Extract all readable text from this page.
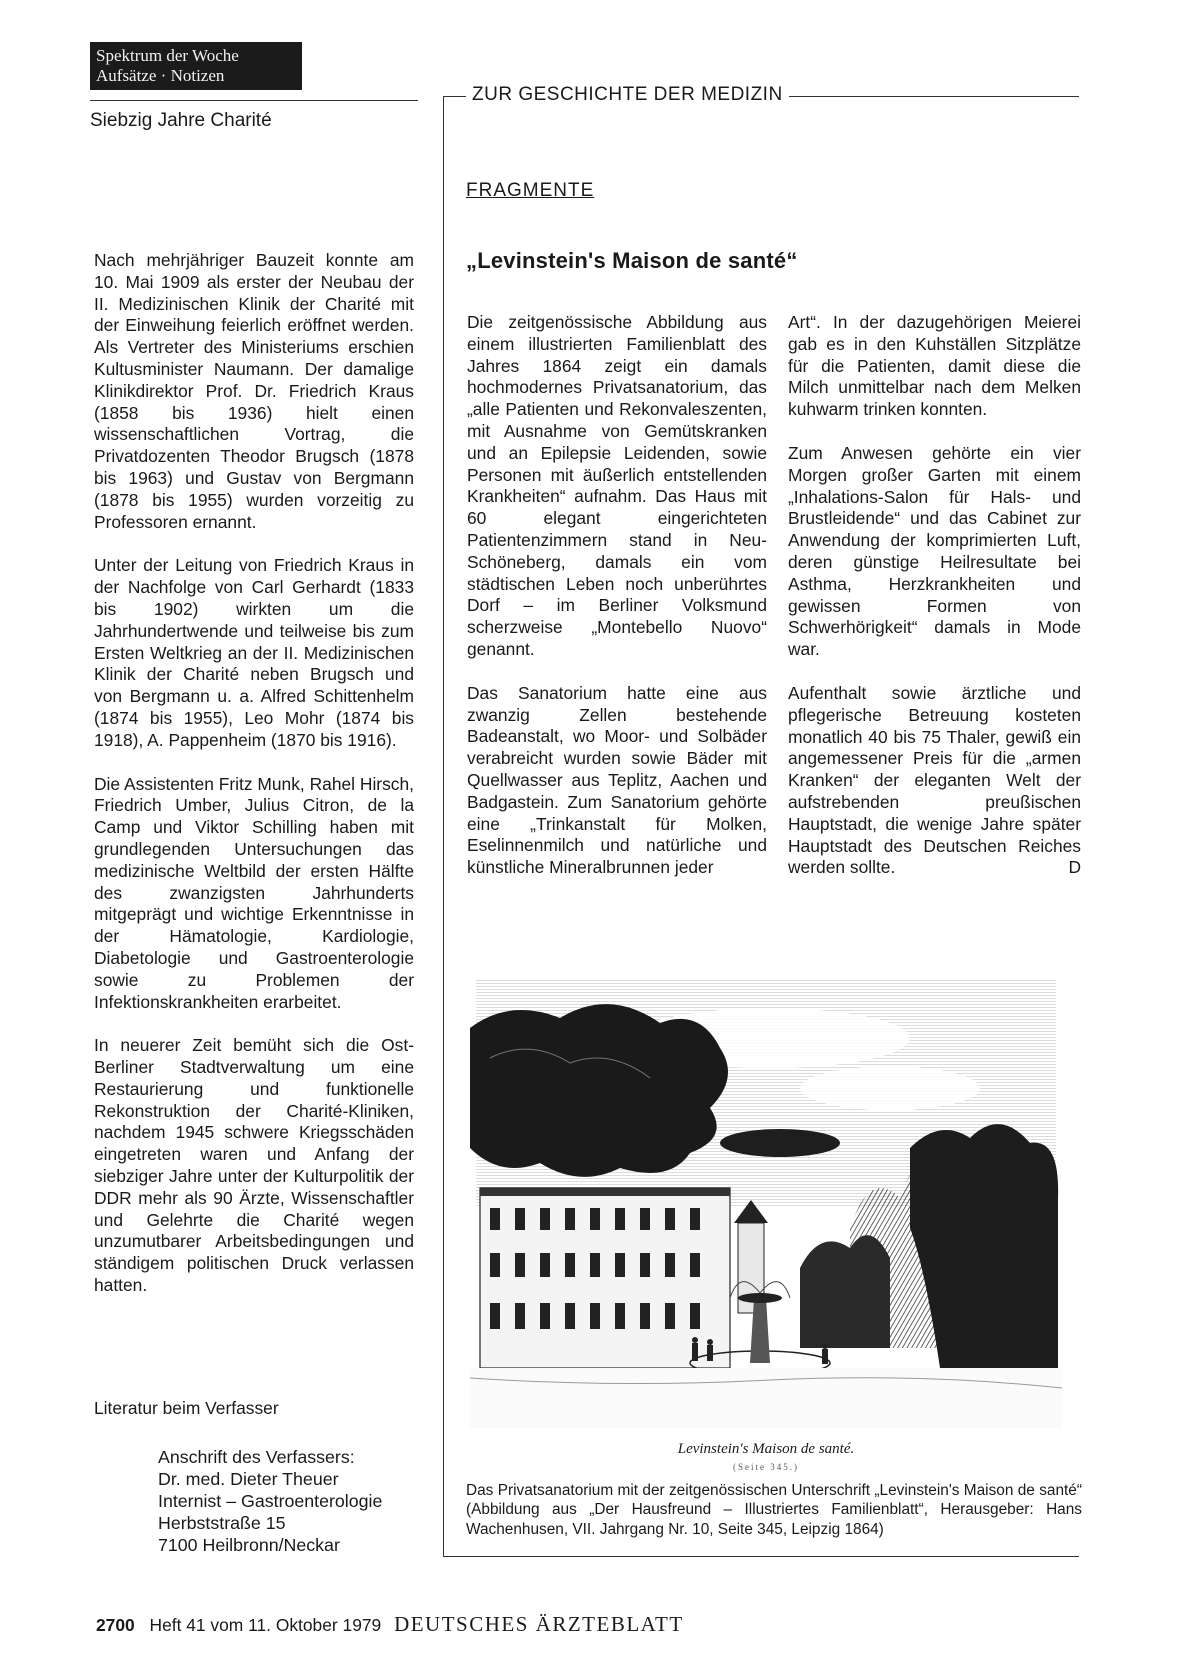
Spektrum der Woche
Aufsätze · Notizen
Siebzig Jahre Charité
ZUR GESCHICHTE DER MEDIZIN
FRAGMENTE
„Levinstein's Maison de santé“

Nach mehrjähriger Bauzeit konnte am 10. Mai 1909 als erster der Neubau der II. Medizinischen Klinik der Charité mit der Einweihung feierlich eröffnet werden. Als Vertreter des Ministeriums erschien Kultusminister Naumann. Der damalige Klinikdirektor Prof. Dr. Friedrich Kraus (1858 bis 1936) hielt einen wissenschaftlichen Vortrag, die Privatdozenten Theodor Brugsch (1878 bis 1963) und Gustav von Bergmann (1878 bis 1955) wurden vorzeitig zu Professoren ernannt.

Unter der Leitung von Friedrich Kraus in der Nachfolge von Carl Gerhardt (1833 bis 1902) wirkten um die Jahrhundertwende und teilweise bis zum Ersten Weltkrieg an der II. Medizinischen Klinik der Charité neben Brugsch und von Bergmann u. a. Alfred Schittenhelm (1874 bis 1955), Leo Mohr (1874 bis 1918), A. Pappenheim (1870 bis 1916).

Die Assistenten Fritz Munk, Rahel Hirsch, Friedrich Umber, Julius Citron, de la Camp und Viktor Schilling haben mit grundlegenden Untersuchungen das medizinische Weltbild der ersten Hälfte des zwanzigsten Jahrhunderts mitgeprägt und wichtige Erkenntnisse in der Hämatologie, Kardiologie, Diabetologie und Gastroenterologie sowie zu Problemen der Infektionskrankheiten erarbeitet.

In neuerer Zeit bemüht sich die Ost-Berliner Stadtverwaltung um eine Restaurierung und funktionelle Rekonstruktion der Charité-Kliniken, nachdem 1945 schwere Kriegsschäden eingetreten waren und Anfang der siebziger Jahre unter der Kulturpolitik der DDR mehr als 90 Ärzte, Wissenschaftler und Gelehrte die Charité wegen unzumutbarer Arbeitsbedingungen und ständigem politischen Druck verlassen hatten.

Literatur beim Verfasser
Anschrift des Verfassers:
Dr. med. Dieter Theuer
Internist – Gastroenterologie
Herbststraße 15
7100 Heilbronn/Neckar

Die zeitgenössische Abbildung aus einem illustrierten Familienblatt des Jahres 1864 zeigt ein damals hochmodernes Privatsanatorium, das „alle Patienten und Rekonvaleszenten, mit Ausnahme von Gemütskranken und an Epilepsie Leidenden, sowie Personen mit äußerlich entstellenden Krankheiten“ aufnahm. Das Haus mit 60 elegant eingerichteten Patientenzimmern stand in Neu-Schöneberg, damals ein vom städtischen Leben noch unberührtes Dorf – im Berliner Volksmund scherzweise „Montebello Nuovo“ genannt.

Das Sanatorium hatte eine aus zwanzig Zellen bestehende Badeanstalt, wo Moor- und Solbäder verabreicht wurden sowie Bäder mit Quellwasser aus Teplitz, Aachen und Badgastein. Zum Sanatorium gehörte eine „Trinkanstalt für Molken, Eselinnenmilch und natürliche und künstliche Mineralbrunnen jeder

Art“. In der dazugehörigen Meierei gab es in den Kuhställen Sitzplätze für die Patienten, damit diese die Milch unmittelbar nach dem Melken kuhwarm trinken konnten.

Zum Anwesen gehörte ein vier Morgen großer Garten mit einem „Inhalations-Salon für Hals- und Brustleidende“ und das Cabinet zur Anwendung der komprimierten Luft, deren günstige Heilresultate bei Asthma, Herzkrankheiten und gewissen Formen von Schwerhörigkeit“ damals in Mode war.

Aufenthalt sowie ärztliche und pflegerische Betreuung kosteten monatlich 40 bis 75 Thaler, gewiß ein angemessener Preis für die „armen Kranken“ der eleganten Welt der aufstrebenden preußischen Hauptstadt, die wenige Jahre später Hauptstadt des Deutschen Reiches werden sollte.	D

Levinstein's Maison de santé.
(Seite 345.)
Das Privatsanatorium mit der zeitgenössischen Unterschrift „Levinstein's Maison de santé“ (Abbildung aus „Der Hausfreund – Illustriertes Familienblatt“, Herausgeber: Hans Wachenhusen, VII. Jahrgang Nr. 10, Seite 345, Leipzig 1864)
2700 Heft 41 vom 11. Oktober 1979 DEUTSCHES ÄRZTEBLATT
